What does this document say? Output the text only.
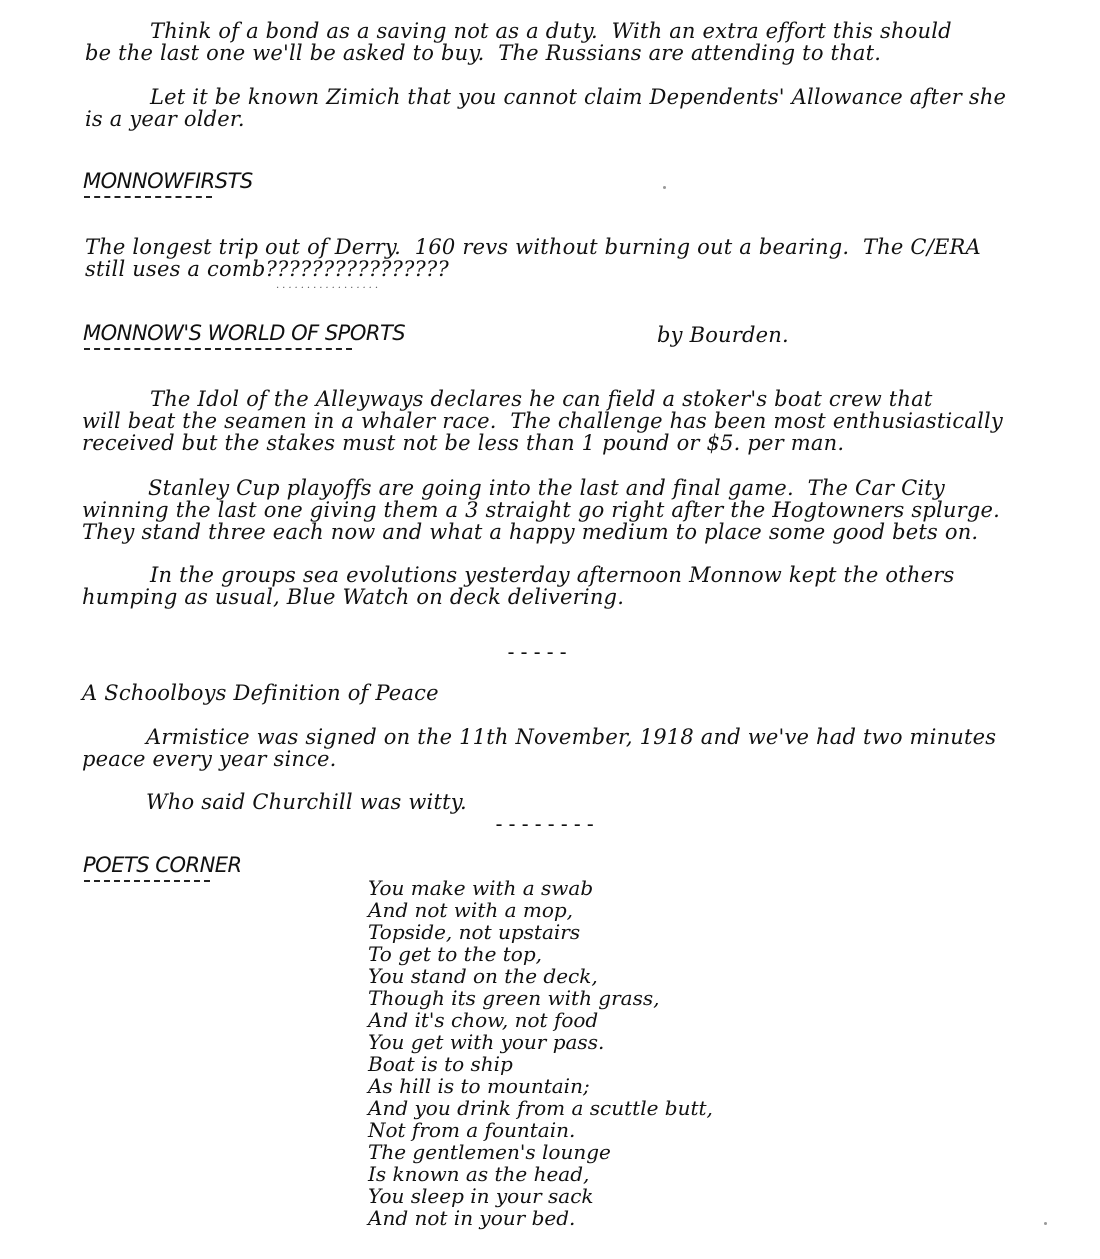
Think of a bond as a saving not as a duty.  With an extra effort this should
be the last one we'll be asked to buy.  The Russians are attending to that.
Let it be known Zimich that you cannot claim Dependents' Allowance after she
is a year older.
MONNOWFIRSTS
The longest trip out of Derry.  160 revs without burning out a bearing.  The C/ERA
still uses a comb????????????????
.................
MONNOW'S WORLD OF SPORTS	by Bourden.
The Idol of the Alleyways declares he can field a stoker's boat crew that
will beat the seamen in a whaler race.  The challenge has been most enthusiastically
received but the stakes must not be less than 1 pound or $5. per man.
Stanley Cup playoffs are going into the last and final game.  The Car City
winning the last one giving them a 3 straight go right after the Hogtowners splurge.
They stand three each now and what a happy medium to place some good bets on.
In the groups sea evolutions yesterday afternoon Monnow kept the others
humping as usual, Blue Watch on deck delivering.
-----
A Schoolboys Definition of Peace
Armistice was signed on the 11th November, 1918 and we've had two minutes
peace every year since.
Who said Churchill was witty.
--------
POETS CORNER
You make with a swab
And not with a mop,
Topside, not upstairs
To get to the top,
You stand on the deck,
Though its green with grass,
And it's chow, not food
You get with your pass.
Boat is to ship
As hill is to mountain;
And you drink from a scuttle butt,
Not from a fountain.
The gentlemen's lounge
Is known as the head,
You sleep in your sack
And not in your bed.
